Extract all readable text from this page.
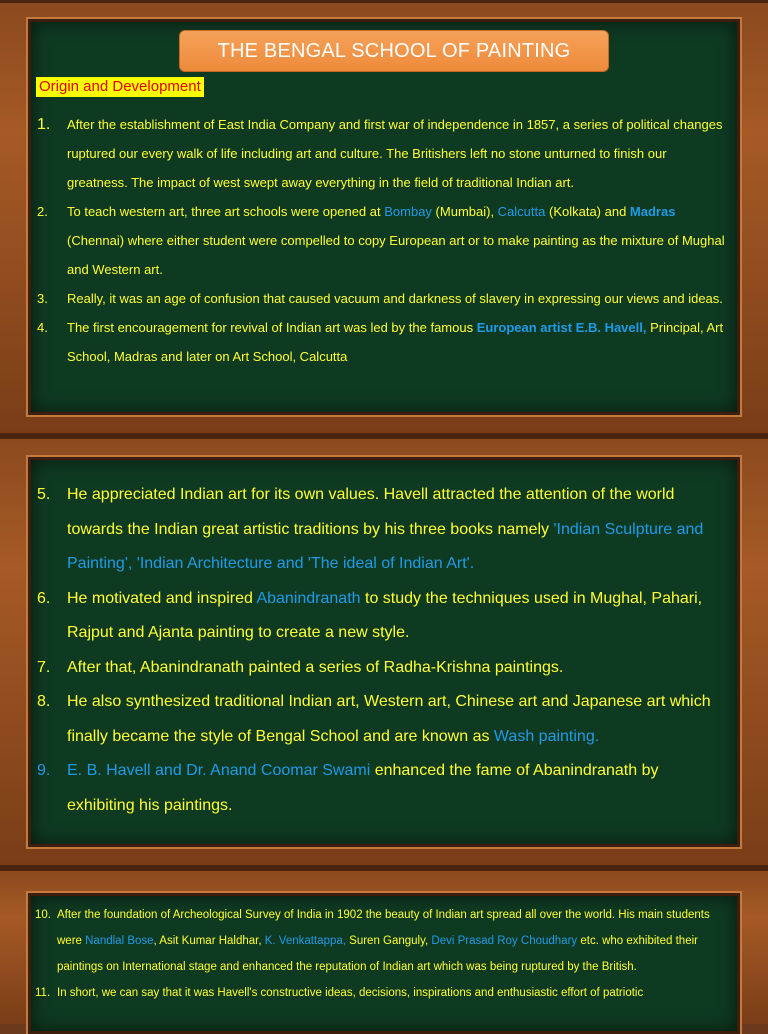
THE BENGAL SCHOOL OF PAINTING
Origin and Development
1. After the establishment of East India Company and first war of independence in 1857, a series of political changes ruptured our every walk of life including art and culture. The Britishers left no stone unturned to finish our greatness. The impact of west swept away everything in the field of traditional Indian art.
2. To teach western art, three art schools were opened at Bombay (Mumbai), Calcutta (Kolkata) and Madras (Chennai) where either student were compelled to copy European art or to make painting as the mixture of Mughal and Western art.
3. Really, it was an age of confusion that caused vacuum and darkness of slavery in expressing our views and ideas.
4. The first encouragement for revival of Indian art was led by the famous European artist E.B. Havell, Principal, Art School, Madras and later on Art School, Calcutta
5. He appreciated Indian art for its own values. Havell attracted the attention of the world towards the Indian great artistic traditions by his three books namely 'Indian Sculpture and Painting', 'Indian Architecture and 'The ideal of Indian Art'.
6. He motivated and inspired Abanindranath to study the techniques used in Mughal, Pahari, Rajput and Ajanta painting to create a new style.
7. After that, Abanindranath painted a series of Radha-Krishna paintings.
8. He also synthesized traditional Indian art, Western art, Chinese art and Japanese art which finally became the style of Bengal School and are known as Wash painting.
9. E. B. Havell and Dr. Anand Coomar Swami enhanced the fame of Abanindranath by exhibiting his paintings.
10. After the foundation of Archeological Survey of India in 1902 the beauty of Indian art spread all over the world. His main students were Nandlal Bose, Asit Kumar Haldhar, K. Venkattappa, Suren Ganguly, Devi Prasad Roy Choudhary etc. who exhibited their paintings on International stage and enhanced the reputation of Indian art which was being ruptured by the British.
11. In short, we can say that it was Havell's constructive ideas, decisions, inspirations and enthusiastic effort of patriotic
